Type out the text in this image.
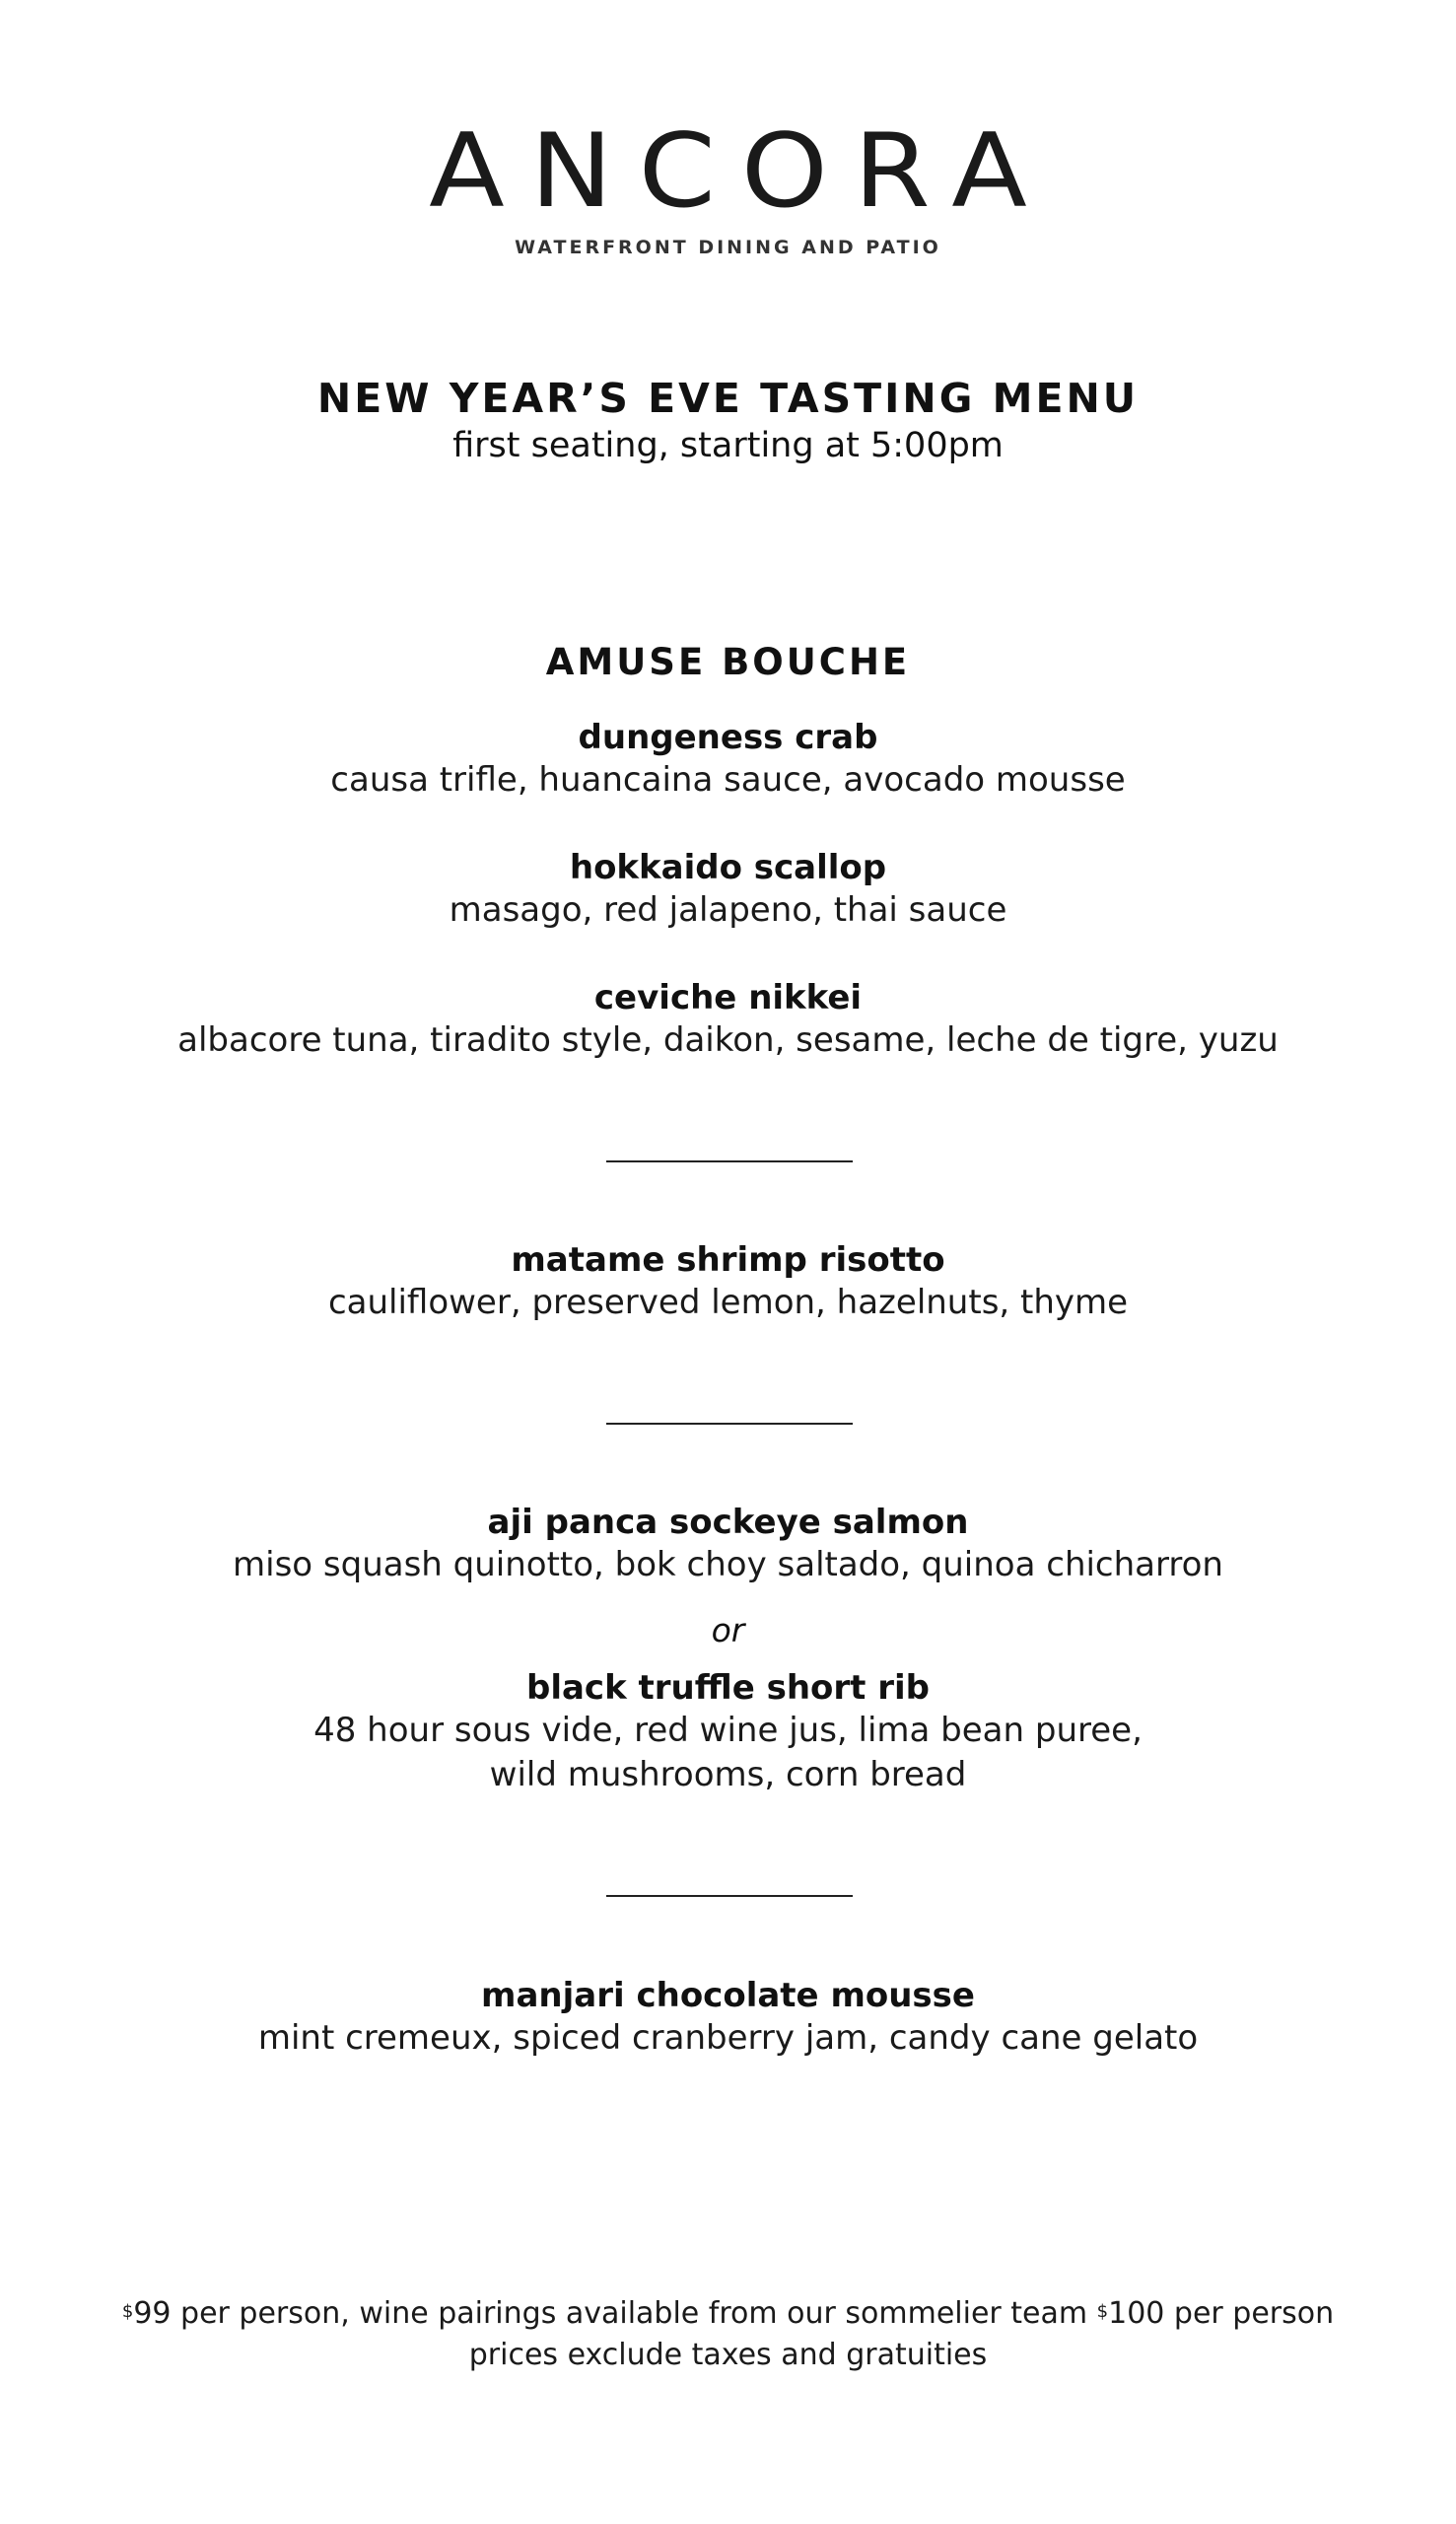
ANCORA
WATERFRONT DINING AND PATIO
NEW YEAR’S EVE TASTING MENU
first seating, starting at 5:00pm
AMUSE BOUCHE
dungeness crab
causa trifle, huancaina sauce, avocado mousse
hokkaido scallop
masago, red jalapeno, thai sauce
ceviche nikkei
albacore tuna, tiradito style, daikon, sesame, leche de tigre, yuzu
matame shrimp risotto
cauliflower, preserved lemon, hazelnuts, thyme
aji panca sockeye salmon
miso squash quinotto, bok choy saltado, quinoa chicharron
or
black truffle short rib
48 hour sous vide, red wine jus, lima bean puree,
wild mushrooms, corn bread
manjari chocolate mousse
mint cremeux, spiced cranberry jam, candy cane gelato
$99 per person, wine pairings available from our sommelier team $100 per person
prices exclude taxes and gratuities
